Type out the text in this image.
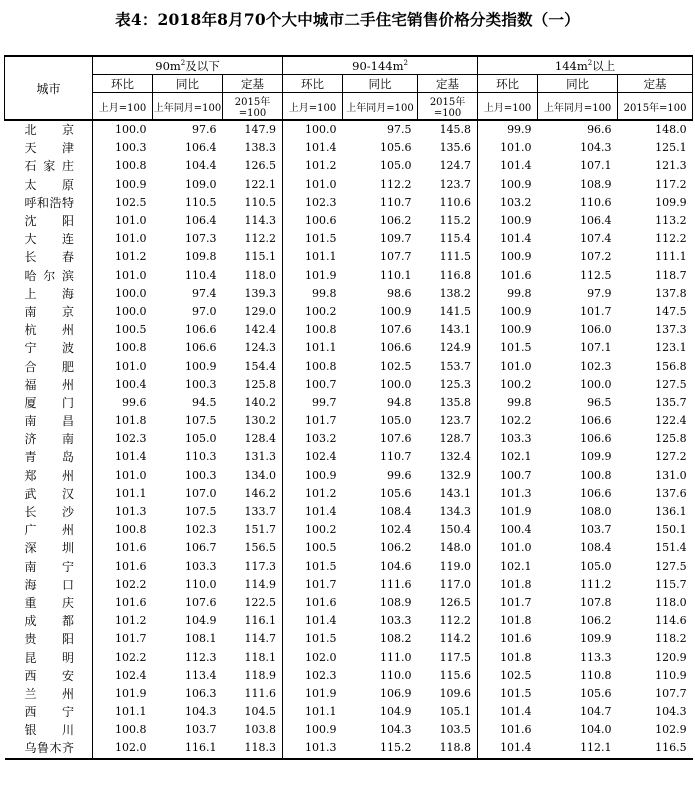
表4：2018年8月70个大中城市二手住宅销售价格分类指数（一）
城市	$90m^2$及以下			$90-144m^2$			$144m^2$以上		
	环比	同比	定基	环比	同比	定基	环比	同比	定基
	上月=100	上年同月=100	2015年=100	上月=100	上年同月=100	2015年=100	上月=100	上年同月=100	2015年=100
北京	100.0	97.6	147.9	100.0	97.5	145.8	99.9	96.6	148.0
天津	100.3	106.4	138.3	101.4	105.6	135.6	101.0	104.3	125.1
石家庄	100.8	104.4	126.5	101.2	105.0	124.7	101.4	107.1	121.3
太原	100.9	109.0	122.1	101.0	112.2	123.7	100.9	108.9	117.2
呼和浩特	102.5	110.5	110.5	102.3	110.7	110.6	103.2	110.6	109.9
沈阳	101.0	106.4	114.3	100.6	106.2	115.2	100.9	106.4	113.2
大连	101.0	107.3	112.2	101.5	109.7	115.4	101.4	107.4	112.2
长春	101.2	109.8	115.1	101.1	107.7	111.5	100.9	107.2	111.1
哈尔滨	101.0	110.4	118.0	101.9	110.1	116.8	101.6	112.5	118.7
上海	100.0	97.4	139.3	99.8	98.6	138.2	99.8	97.9	137.8
南京	100.0	97.0	129.0	100.2	100.9	141.5	100.9	101.7	147.5
杭州	100.5	106.6	142.4	100.8	107.6	143.1	100.9	106.0	137.3
宁波	100.8	106.6	124.3	101.1	106.6	124.9	101.5	107.1	123.1
合肥	101.0	100.9	154.4	100.8	102.5	153.7	101.0	102.3	156.8
福州	100.4	100.3	125.8	100.7	100.0	125.3	100.2	100.0	127.5
厦门	99.6	94.5	140.2	99.7	94.8	135.8	99.8	96.5	135.7
南昌	101.8	107.5	130.2	101.7	105.0	123.7	102.2	106.6	122.4
济南	102.3	105.0	128.4	103.2	107.6	128.7	103.3	106.6	125.8
青岛	101.4	110.3	131.3	102.4	110.7	132.4	102.1	109.9	127.2
郑州	101.0	100.3	134.0	100.9	99.6	132.9	100.7	100.8	131.0
武汉	101.1	107.0	146.2	101.2	105.6	143.1	101.3	106.6	137.6
长沙	101.3	107.5	133.7	101.4	108.4	134.3	101.9	108.0	136.1
广州	100.8	102.3	151.7	100.2	102.4	150.4	100.4	103.7	150.1
深圳	101.6	106.7	156.5	100.5	106.2	148.0	101.0	108.4	151.4
南宁	101.6	103.3	117.3	101.5	104.6	119.0	102.1	105.0	127.5
海口	102.2	110.0	114.9	101.7	111.6	117.0	101.8	111.2	115.7
重庆	101.6	107.6	122.5	101.6	108.9	126.5	101.7	107.8	118.0
成都	101.2	104.9	116.1	101.4	103.3	112.2	101.8	106.2	114.6
贵阳	101.7	108.1	114.7	101.5	108.2	114.2	101.6	109.9	118.2
昆明	102.2	112.3	118.1	102.0	111.0	117.5	101.8	113.3	120.9
西安	102.4	113.4	118.9	102.3	110.0	115.6	102.5	110.8	110.9
兰州	101.9	106.3	111.6	101.9	106.9	109.6	101.5	105.6	107.7
西宁	101.1	104.3	104.5	101.1	104.9	105.1	101.4	104.7	104.3
银川	100.8	103.7	103.8	100.9	104.3	103.5	101.6	104.0	102.9
乌鲁木齐	102.0	116.1	118.3	101.3	115.2	118.8	101.4	112.1	116.5
